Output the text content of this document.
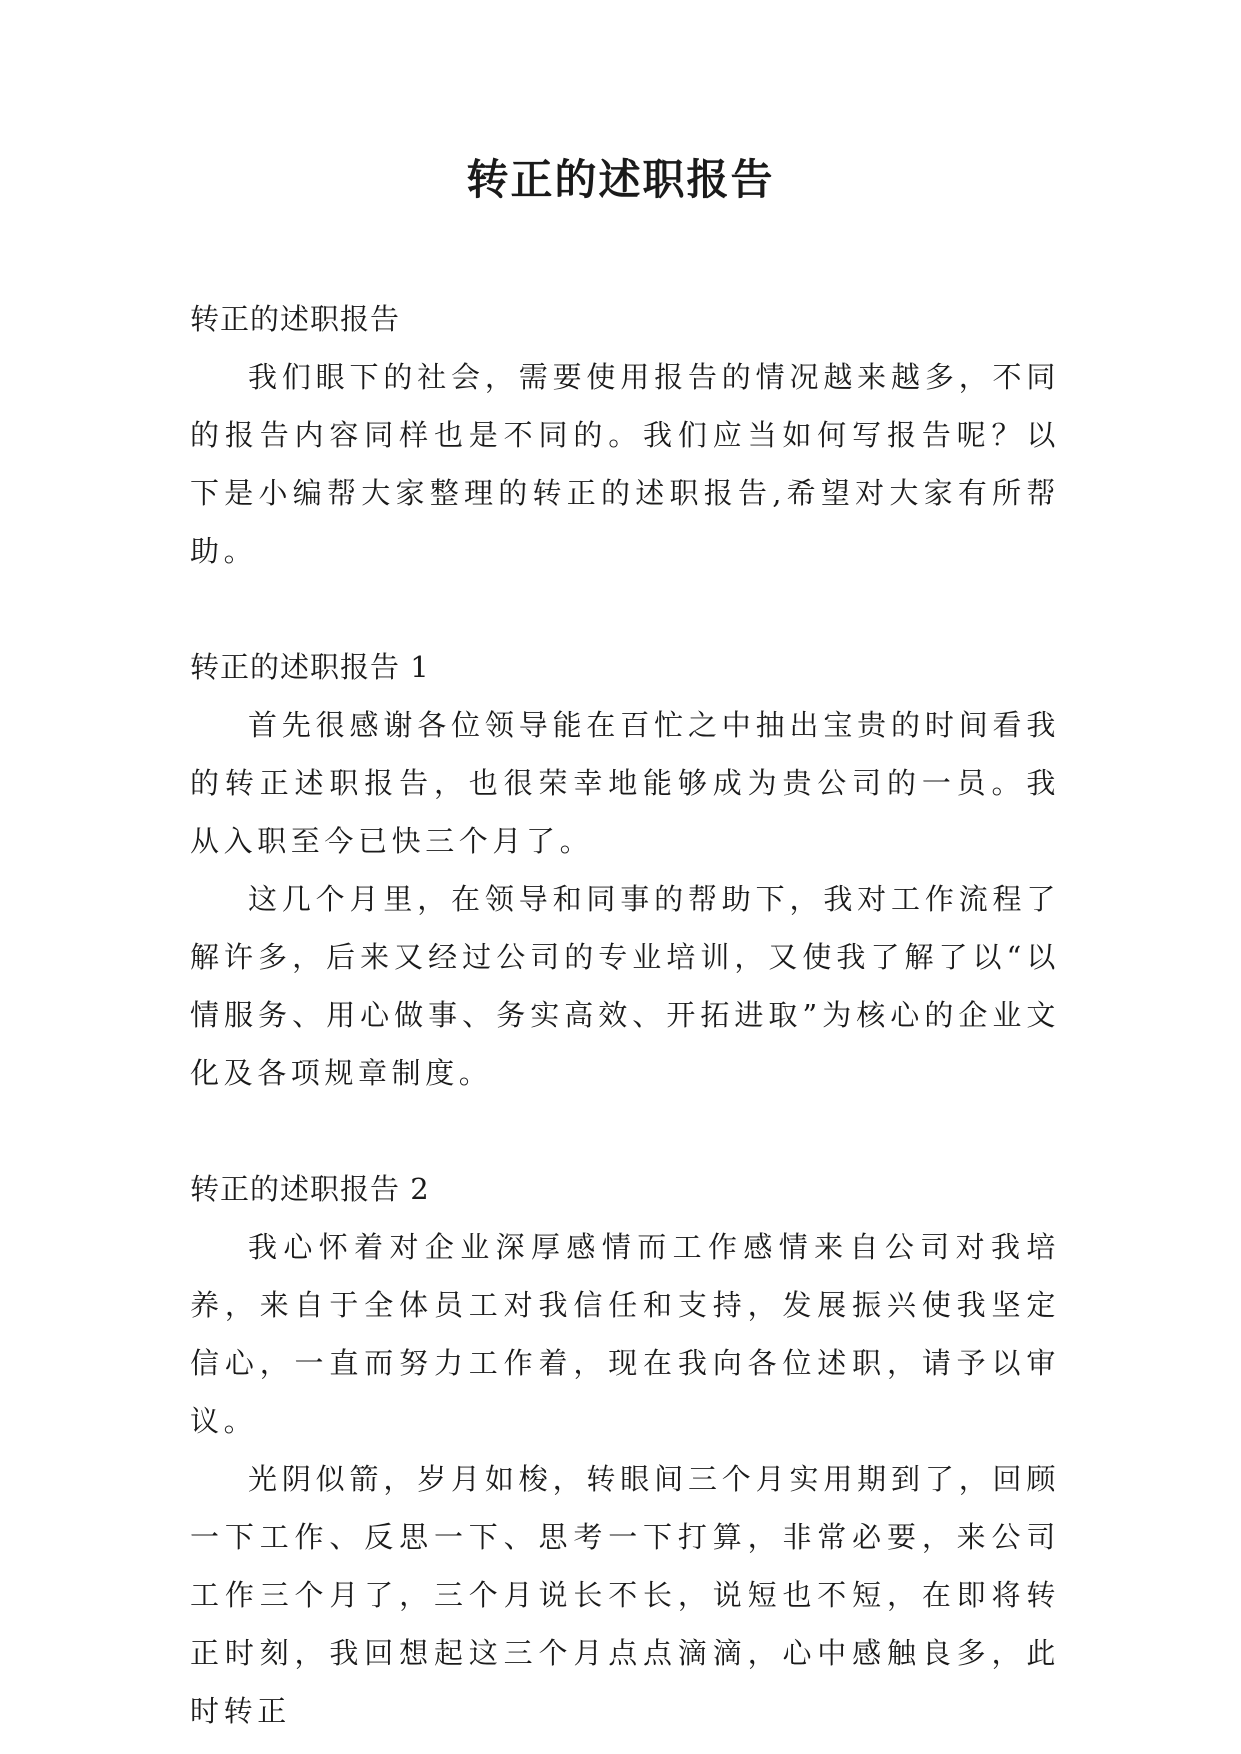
转正的述职报告

转正的述职报告

我们眼下的社会，需要使用报告的情况越来越多，不同的报告内容同样也是不同的。我们应当如何写报告呢？以下是小编帮大家整理的转正的述职报告,希望对大家有所帮助。

转正的述职报告 1

首先很感谢各位领导能在百忙之中抽出宝贵的时间看我的转正述职报告，也很荣幸地能够成为贵公司的一员。我从入职至今已快三个月了。

这几个月里，在领导和同事的帮助下，我对工作流程了解许多，后来又经过公司的专业培训，又使我了解了以“以情服务、用心做事、务实高效、开拓进取”为核心的企业文化及各项规章制度。

转正的述职报告 2

我心怀着对企业深厚感情而工作感情来自公司对我培养，来自于全体员工对我信任和支持，发展振兴使我坚定信心，一直而努力工作着，现在我向各位述职，请予以审议。

光阴似箭，岁月如梭，转眼间三个月实用期到了，回顾一下工作、反思一下、思考一下打算，非常必要，来公司工作三个月了，三个月说长不长，说短也不短，在即将转正时刻，我回想起这三个月点点滴滴，心中感触良多，此时转正
